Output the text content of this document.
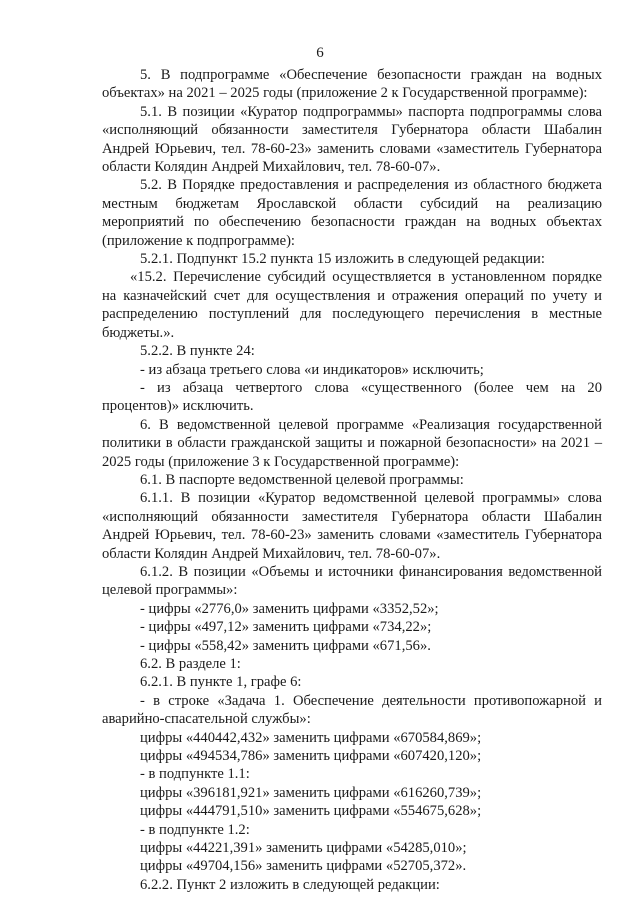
6

5. В подпрограмме «Обеспечение безопасности граждан на водных объектах» на 2021 – 2025 годы (приложение 2 к Государственной программе):

5.1. В позиции «Куратор подпрограммы» паспорта подпрограммы слова «исполняющий обязанности заместителя Губернатора области Шабалин Андрей Юрьевич, тел. 78-60-23» заменить словами «заместитель Губернатора области Колядин Андрей Михайлович, тел. 78-60-07».

5.2. В Порядке предоставления и распределения из областного бюджета местным бюджетам Ярославской области субсидий на реализацию мероприятий по обеспечению безопасности граждан на водных объектах (приложение к подпрограмме):

5.2.1. Подпункт 15.2 пункта 15 изложить в следующей редакции:

«15.2. Перечисление субсидий осуществляется в установленном порядке на казначейский счет для осуществления и отражения операций по учету и распределению поступлений для последующего перечисления в местные бюджеты.».

5.2.2. В пункте 24:

- из абзаца третьего слова «и индикаторов» исключить;

- из абзаца четвертого слова «существенного (более чем на 20 процентов)» исключить.

6. В ведомственной целевой программе «Реализация государственной политики в области гражданской защиты и пожарной безопасности» на 2021 – 2025 годы (приложение 3 к Государственной программе):

6.1. В паспорте ведомственной целевой программы:

6.1.1. В позиции «Куратор ведомственной целевой программы» слова «исполняющий обязанности заместителя Губернатора области Шабалин Андрей Юрьевич, тел. 78-60-23» заменить словами «заместитель Губернатора области Колядин Андрей Михайлович, тел. 78-60-07».

6.1.2. В позиции «Объемы и источники финансирования ведомственной целевой программы»:

- цифры «2776,0» заменить цифрами «3352,52»;

- цифры «497,12» заменить цифрами «734,22»;

- цифры «558,42» заменить цифрами «671,56».

6.2. В разделе 1:

6.2.1. В пункте 1, графе 6:

- в строке «Задача 1. Обеспечение деятельности противопожарной и аварийно-спасательной службы»:

цифры «440442,432» заменить цифрами «670584,869»;

цифры «494534,786» заменить цифрами «607420,120»;

- в подпункте 1.1:

цифры «396181,921» заменить цифрами «616260,739»;

цифры «444791,510» заменить цифрами «554675,628»;

- в подпункте 1.2:

цифры «44221,391» заменить цифрами «54285,010»;

цифры «49704,156» заменить цифрами «52705,372».

6.2.2. Пункт 2 изложить в следующей редакции:
